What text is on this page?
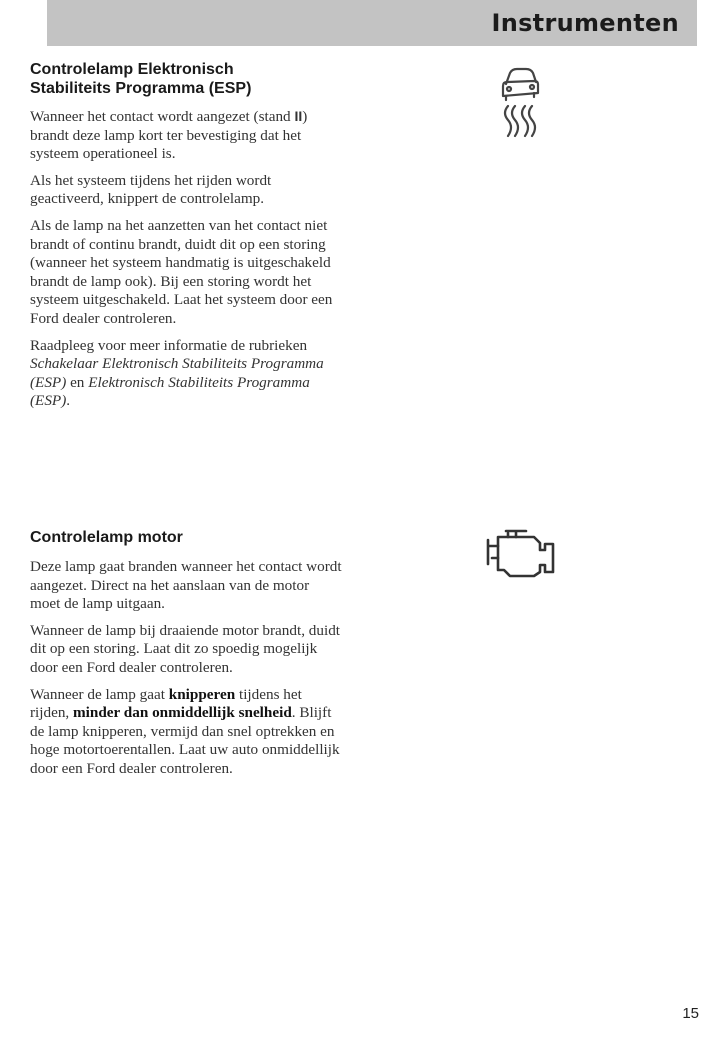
Instrumenten
Controlelamp Elektronisch
Stabiliteits Programma (ESP)

Wanneer het contact wordt aangezet (stand II) brandt deze lamp kort ter bevestiging dat het systeem operationeel is.

Als het systeem tijdens het rijden wordt geactiveerd, knippert de controlelamp.

Als de lamp na het aanzetten van het contact niet brandt of continu brandt, duidt dit op een storing (wanneer het systeem handmatig is uitgeschakeld brandt de lamp ook). Bij een storing wordt het systeem uitgeschakeld. Laat het systeem door een Ford dealer controleren.

Raadpleeg voor meer informatie de rubrieken Schakelaar Elektronisch Stabiliteits Programma (ESP) en Elektronisch Stabiliteits Programma (ESP).

Controlelamp motor

Deze lamp gaat branden wanneer het contact wordt aangezet. Direct na het aanslaan van de motor moet de lamp uitgaan.

Wanneer de lamp bij draaiende motor brandt, duidt dit op een storing. Laat dit zo spoedig mogelijk door een Ford dealer controleren.

Wanneer de lamp gaat knipperen tijdens het rijden, minder dan onmiddellijk snelheid. Blijft de lamp knipperen, vermijd dan snel optrekken en hoge motortoerentallen. Laat uw auto onmiddellijk door een Ford dealer controleren.

15
